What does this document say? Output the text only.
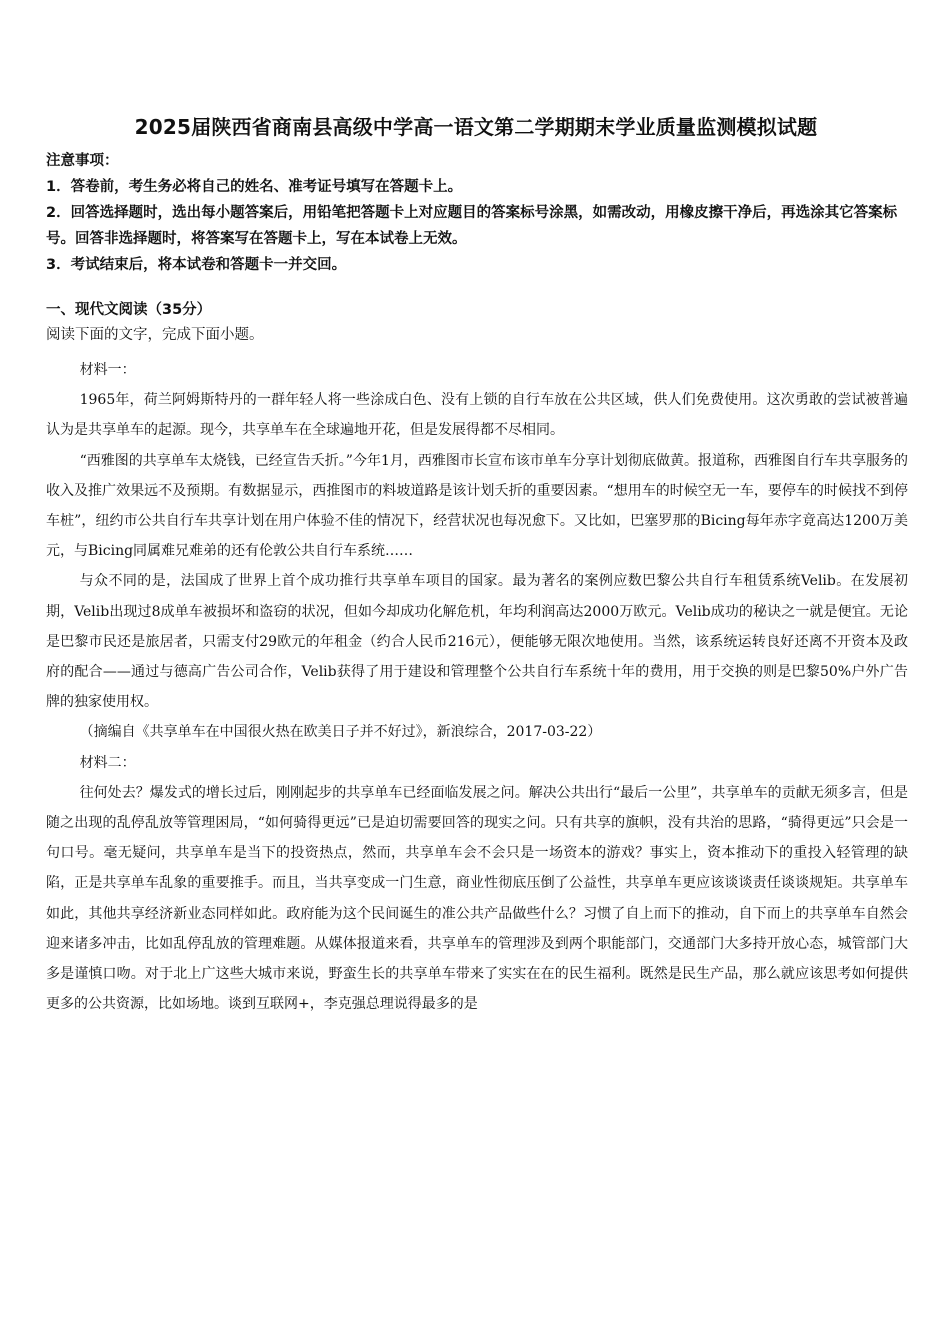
2025届陕西省商南县高级中学高一语文第二学期期末学业质量监测模拟试题
注意事项：
1．答卷前，考生务必将自己的姓名、准考证号填写在答题卡上。
2．回答选择题时，选出每小题答案后，用铅笔把答题卡上对应题目的答案标号涂黑，如需改动，用橡皮擦干净后，再选涂其它答案标号。回答非选择题时，将答案写在答题卡上，写在本试卷上无效。
3．考试结束后，将本试卷和答题卡一并交回。
一、现代文阅读（35分）
阅读下面的文字，完成下面小题。

材料一：

1965年，荷兰阿姆斯特丹的一群年轻人将一些涂成白色、没有上锁的自行车放在公共区域，供人们免费使用。这次勇敢的尝试被普遍认为是共享单车的起源。现今，共享单车在全球遍地开花，但是发展得都不尽相同。

“西雅图的共享单车太烧钱，已经宣告夭折。”今年1月，西雅图市长宣布该市单车分享计划彻底做黄。报道称，西雅图自行车共享服务的收入及推广效果远不及预期。有数据显示，西推图市的料坡道路是该计划夭折的重要因素。“想用车的时候空无一车，要停车的时候找不到停车桩”，纽约市公共自行车共享计划在用户体验不佳的情况下，经营状况也每况愈下。又比如，巴塞罗那的Bicing每年赤字竟高达1200万美元，与Bicing同属难兄难弟的还有伦敦公共自行车系统……

与众不同的是，法国成了世界上首个成功推行共享单车项目的国家。最为著名的案例应数巴黎公共自行车租赁系统Velib。在发展初期，Velib出现过8成单车被损坏和盗窃的状况，但如今却成功化解危机，年均利润高达2000万欧元。Velib成功的秘诀之一就是便宜。无论是巴黎市民还是旅居者，只需支付29欧元的年租金（约合人民币216元），便能够无限次地使用。当然，该系统运转良好还离不开资本及政府的配合——通过与德高广告公司合作，Velib获得了用于建设和管理整个公共自行车系统十年的费用，用于交换的则是巴黎50%户外广告牌的独家使用权。

（摘编自《共享单车在中国很火热在欧美日子并不好过》，新浪综合，2017-03-22）

材料二：

往何处去？爆发式的增长过后，刚刚起步的共享单车已经面临发展之问。解决公共出行“最后一公里”，共享单车的贡献无须多言，但是随之出现的乱停乱放等管理困局，“如何骑得更远”已是迫切需要回答的现实之问。只有共享的旗帜，没有共治的思路，“骑得更远”只会是一句口号。毫无疑问，共享单车是当下的投资热点，然而，共享单车会不会只是一场资本的游戏？事实上，资本推动下的重投入轻管理的缺陷，正是共享单车乱象的重要推手。而且，当共享变成一门生意，商业性彻底压倒了公益性，共享单车更应该谈谈责任谈谈规矩。共享单车如此，其他共享经济新业态同样如此。政府能为这个民间诞生的准公共产品做些什么？习惯了自上而下的推动，自下而上的共享单车自然会迎来诸多冲击，比如乱停乱放的管理难题。从媒体报道来看，共享单车的管理涉及到两个职能部门，交通部门大多持开放心态，城管部门大多是谨慎口吻。对于北上广这些大城市来说，野蛮生长的共享单车带来了实实在在的民生福利。既然是民生产品，那么就应该思考如何提供更多的公共资源，比如场地。谈到互联网+，李克强总理说得最多的是
